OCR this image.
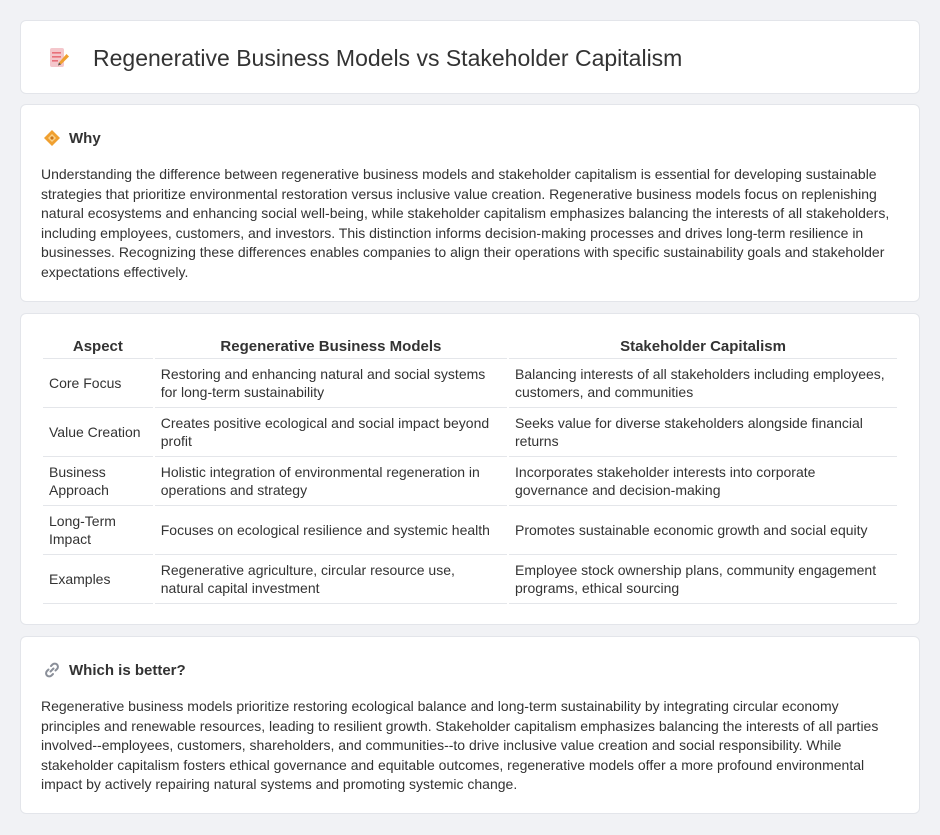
Regenerative Business Models vs Stakeholder Capitalism
Why

Understanding the difference between regenerative business models and stakeholder capitalism is essential for developing sustainable strategies that prioritize environmental restoration versus inclusive value creation. Regenerative business models focus on replenishing natural ecosystems and enhancing social well-being, while stakeholder capitalism emphasizes balancing the interests of all stakeholders, including employees, customers, and investors. This distinction informs decision-making processes and drives long-term resilience in businesses. Recognizing these differences enables companies to align their operations with specific sustainability goals and stakeholder expectations effectively.

Aspect	Regenerative Business Models	Stakeholder Capitalism
Core Focus	Restoring and enhancing natural and social systems for long-term sustainability	Balancing interests of all stakeholders including employees, customers, and communities
Value Creation	Creates positive ecological and social impact beyond profit	Seeks value for diverse stakeholders alongside financial returns
Business Approach	Holistic integration of environmental regeneration in operations and strategy	Incorporates stakeholder interests into corporate governance and decision-making
Long-Term Impact	Focuses on ecological resilience and systemic health	Promotes sustainable economic growth and social equity
Examples	Regenerative agriculture, circular resource use, natural capital investment	Employee stock ownership plans, community engagement programs, ethical sourcing
Which is better?

Regenerative business models prioritize restoring ecological balance and long-term sustainability by integrating circular economy principles and renewable resources, leading to resilient growth. Stakeholder capitalism emphasizes balancing the interests of all parties involved--employees, customers, shareholders, and communities--to drive inclusive value creation and social responsibility. While stakeholder capitalism fosters ethical governance and equitable outcomes, regenerative models offer a more profound environmental impact by actively repairing natural systems and promoting systemic change.
